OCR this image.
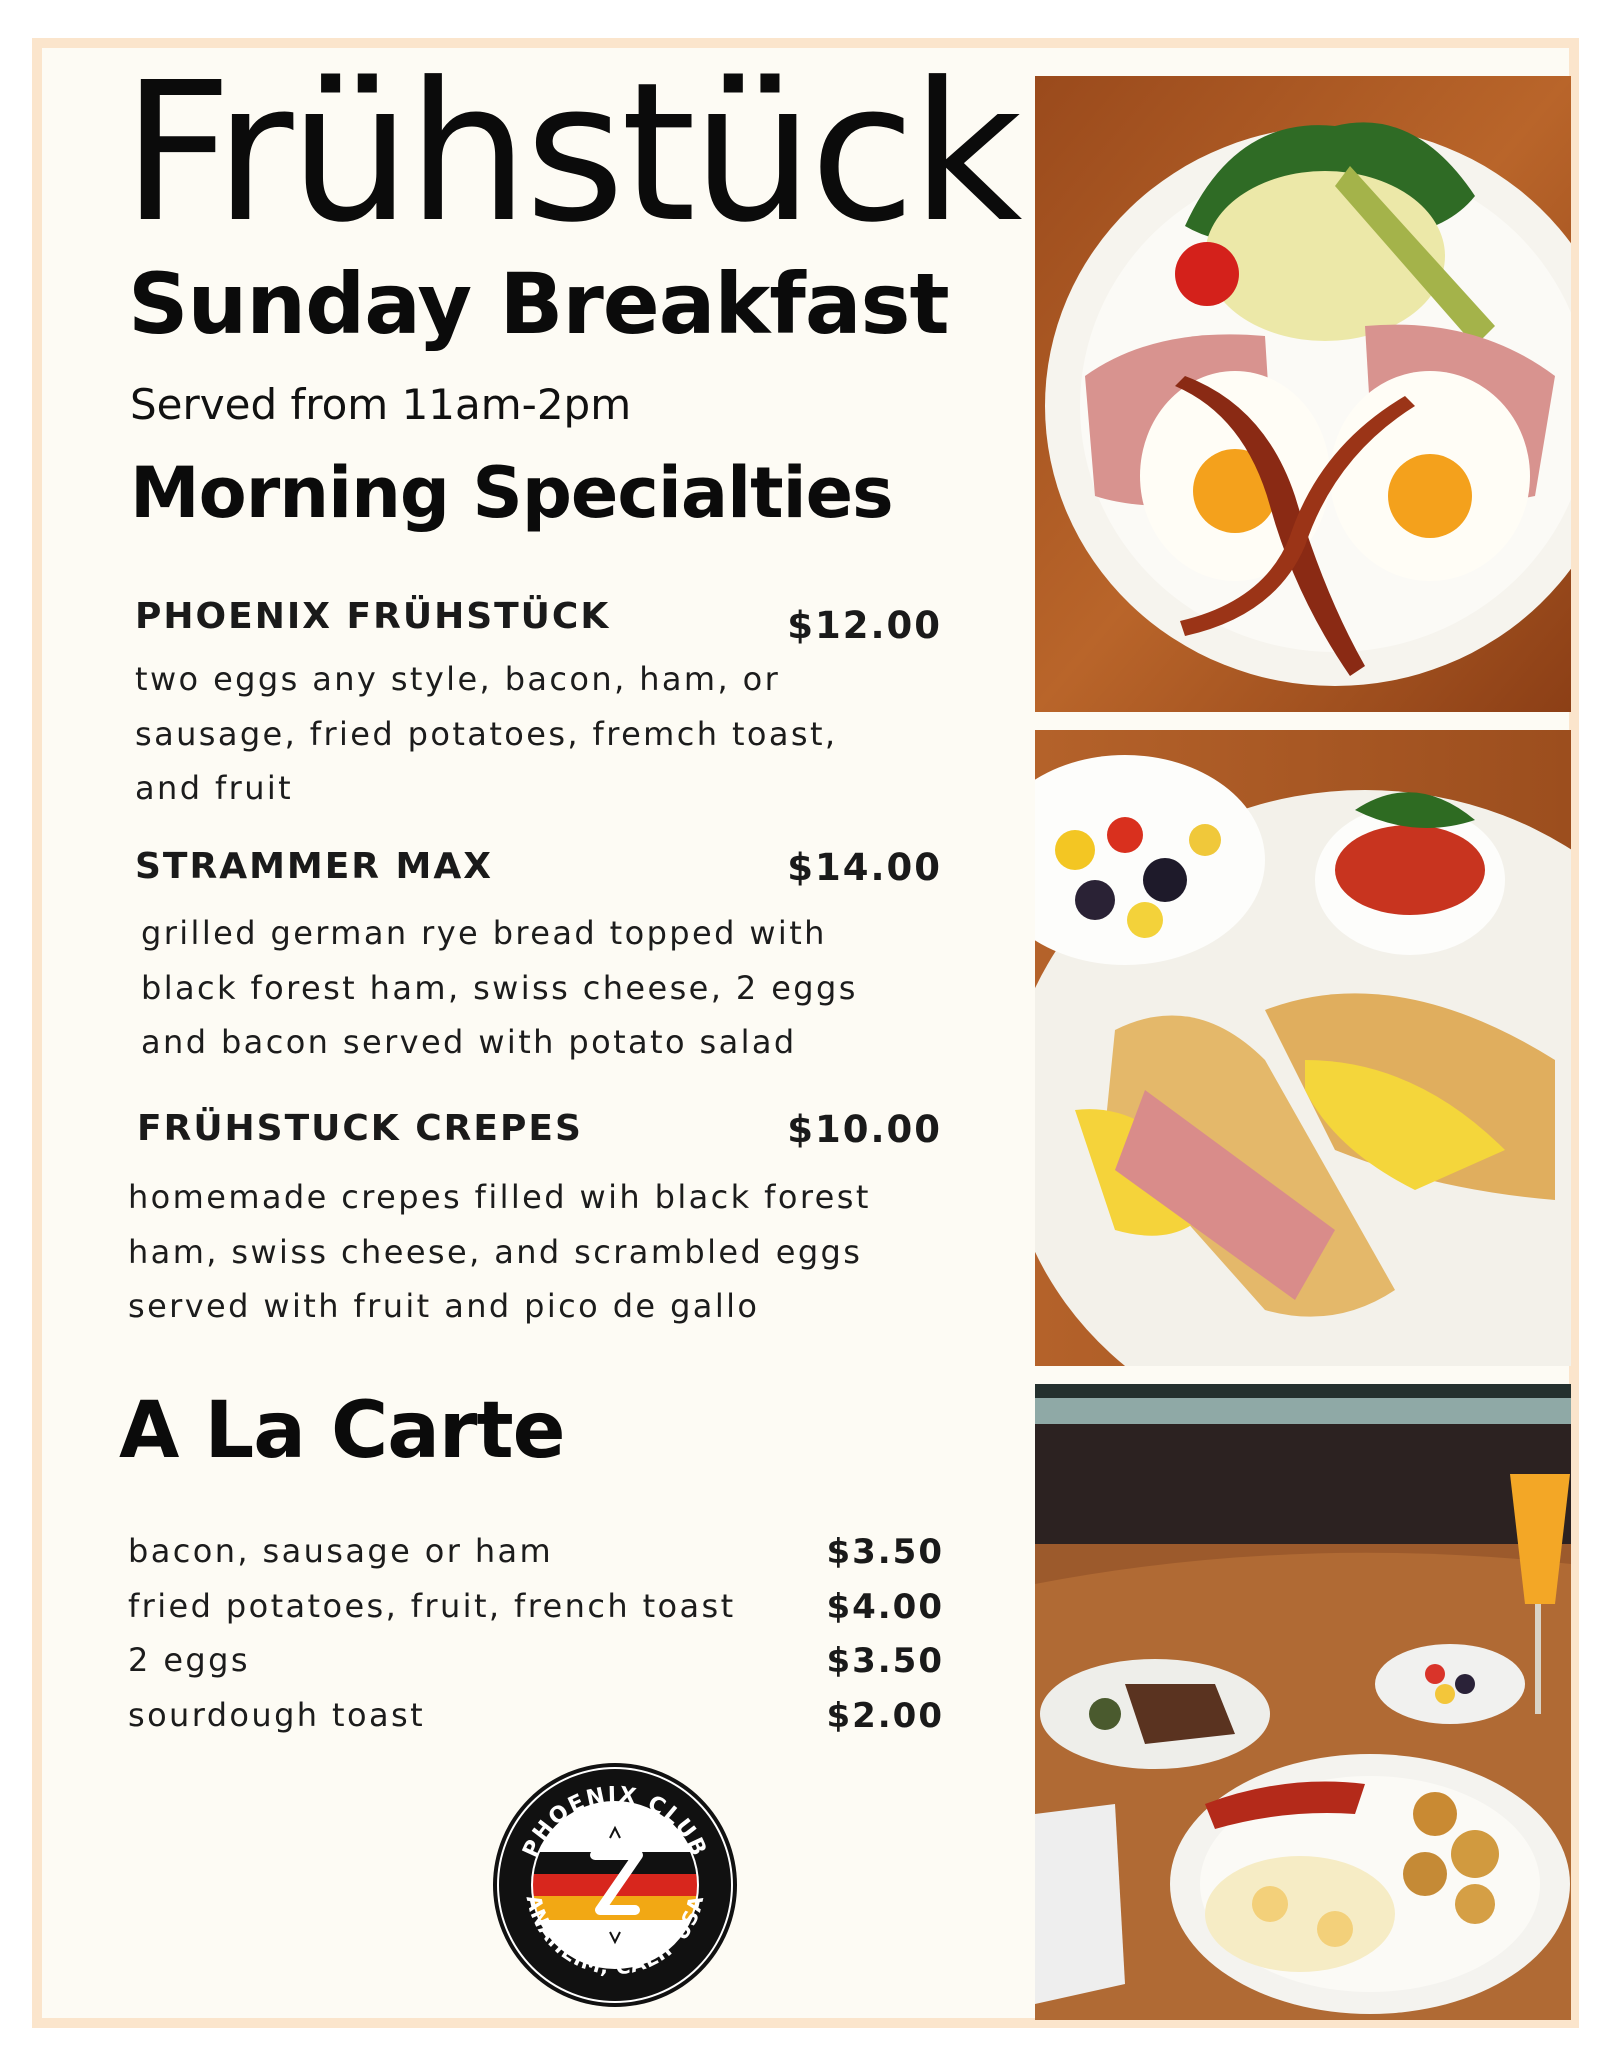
Frühstück
Sunday Breakfast
Served from 11am-2pm
Morning Specialties
PHOENIX FRÜHSTÜCK	$12.00
two eggs any style, bacon, ham, or
sausage, fried potatoes, fremch toast,
and fruit
STRAMMER MAX	$14.00
grilled german rye bread topped with
black forest ham, swiss cheese, 2 eggs
and bacon served with potato salad
FRÜHSTUCK CREPES	$10.00
homemade crepes filled wih black forest
ham, swiss cheese, and scrambled eggs
served with fruit and pico de gallo
A La Carte
bacon, sausage or ham	$3.50
fried potatoes, fruit, french toast	$4.00
2 eggs	$3.50
sourdough toast	$2.00
PHOENIX CLUB
ANAHEIM, CALIF USA
